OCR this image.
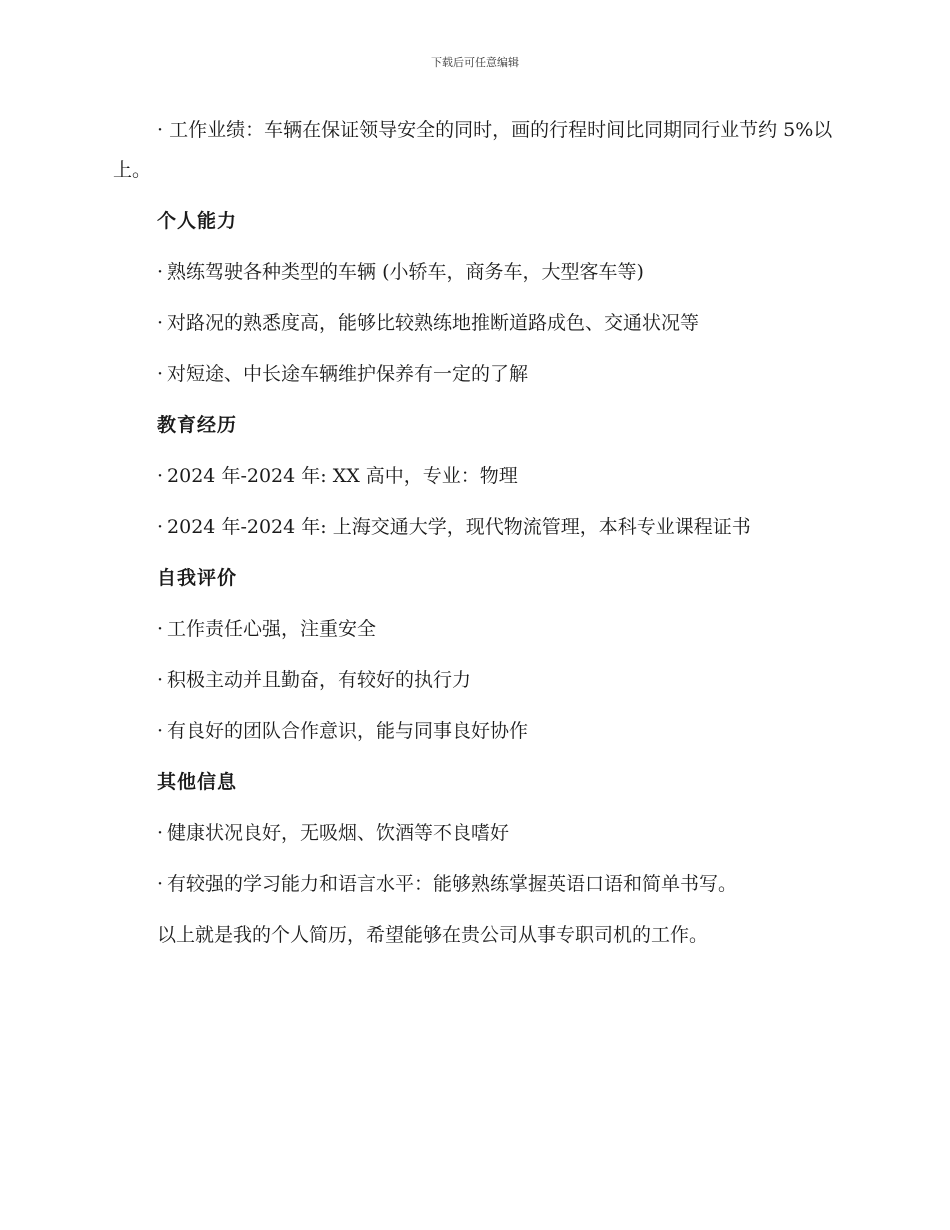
下载后可任意编辑

· 工作业绩：车辆在保证领导安全的同时，画的行程时间比同期同行业节约 5%以上。

个人能力

· 熟练驾驶各种类型的车辆 (小轿车，商务车，大型客车等)

· 对路况的熟悉度高，能够比较熟练地推断道路成色、交通状况等

· 对短途、中长途车辆维护保养有一定的了解

教育经历

· 2024 年-2024 年: XX 高中，专业：物理

· 2024 年-2024 年: 上海交通大学，现代物流管理，本科专业课程证书

自我评价

· 工作责任心强，注重安全

· 积极主动并且勤奋，有较好的执行力

· 有良好的团队合作意识，能与同事良好协作

其他信息

· 健康状况良好，无吸烟、饮酒等不良嗜好

· 有较强的学习能力和语言水平：能够熟练掌握英语口语和简单书写。

以上就是我的个人简历，希望能够在贵公司从事专职司机的工作。
